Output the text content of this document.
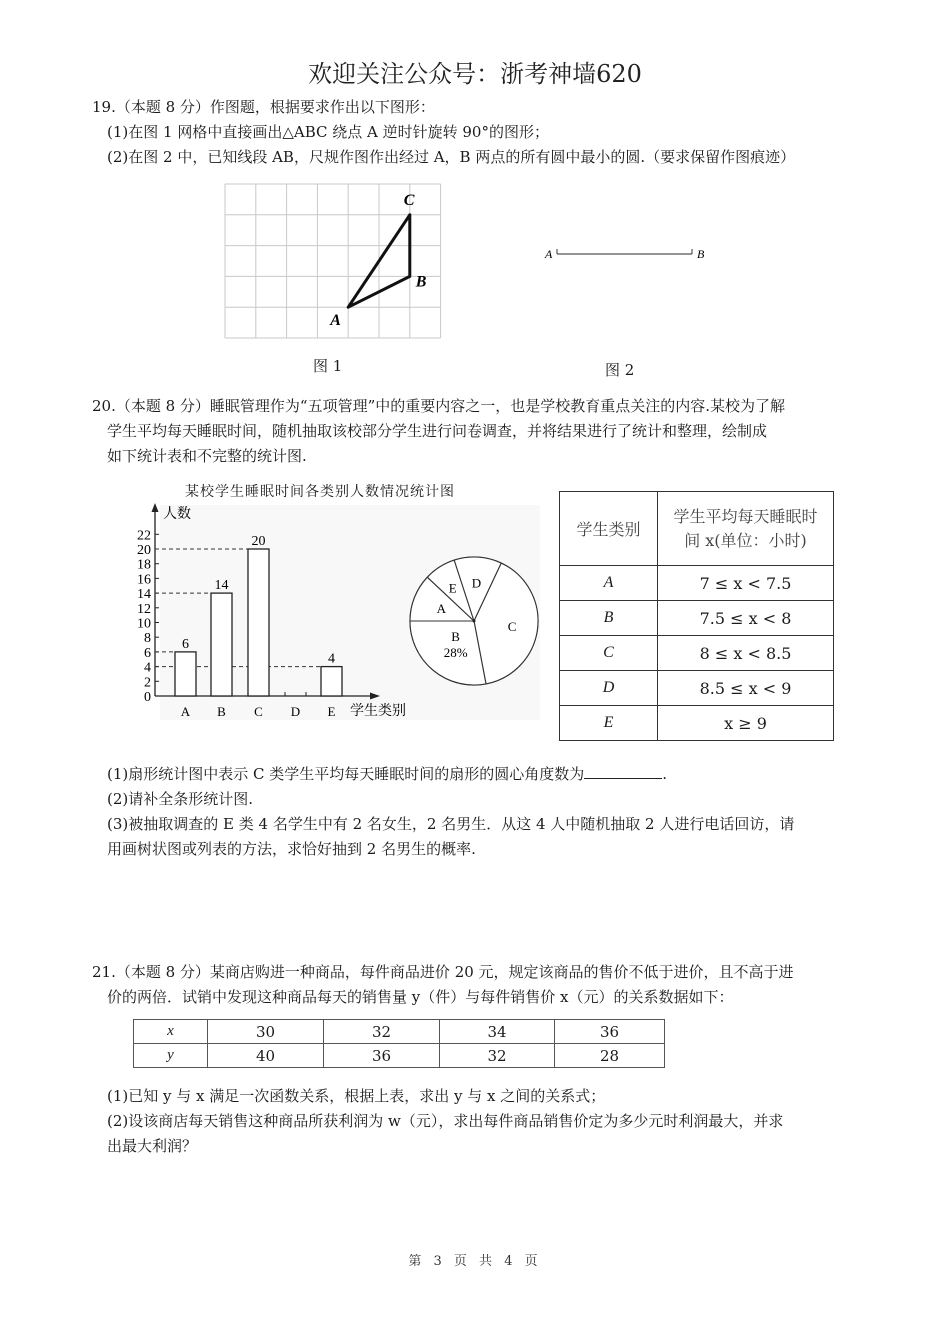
欢迎关注公众号：浙考神墙620
19.（本题 8 分）作图题，根据要求作出以下图形：
(1)在图 1 网格中直接画出△ABC 绕点 A 逆时针旋转 90°的图形；
(2)在图 2 中，已知线段 AB，尺规作图作出经过 A，B 两点的所有圆中最小的圆.（要求保留作图痕迹）
A
B
C
A	B
图 1	图 2
20.（本题 8 分）睡眠管理作为“五项管理”中的重要内容之一，也是学校教育重点关注的内容.某校为了解
学生平均每天睡眠时间，随机抽取该校部分学生进行问卷调查，并将结果进行了统计和整理，绘制成
如下统计表和不完整的统计图.
某校学生睡眠时间各类别人数情况统计图
人数
学生类别
0
2
4
6
8
10
12
14
16
18
20
22
6
A
14
B
20
C D
4
E
A
E D
C
B
28%
学生类别	学生平均每天睡眠时
间 x(单位：小时)

A	7 ≤ x < 7.5
B	7.5 ≤ x < 8
C	8 ≤ x < 8.5
D	8.5 ≤ x < 9
E	x ≥ 9
(1)扇形统计图中表示 C 类学生平均每天睡眠时间的扇形的圆心角度数为	.
(2)请补全条形统计图.
(3)被抽取调查的 E 类 4 名学生中有 2 名女生，2 名男生．从这 4 人中随机抽取 2 人进行电话回访，请
用画树状图或列表的方法，求恰好抽到 2 名男生的概率.
21.（本题 8 分）某商店购进一种商品，每件商品进价 20 元，规定该商品的售价不低于进价，且不高于进
价的两倍．试销中发现这种商品每天的销售量 y（件）与每件销售价 x（元）的关系数据如下：
x	30	32	34	36
y	40	36	32	28
(1)已知 y 与 x 满足一次函数关系，根据上表，求出 y 与 x 之间的关系式；
(2)设该商店每天销售这种商品所获利润为 w（元），求出每件商品销售价定为多少元时利润最大，并求
出最大利润？
第 3 页 共 4 页
